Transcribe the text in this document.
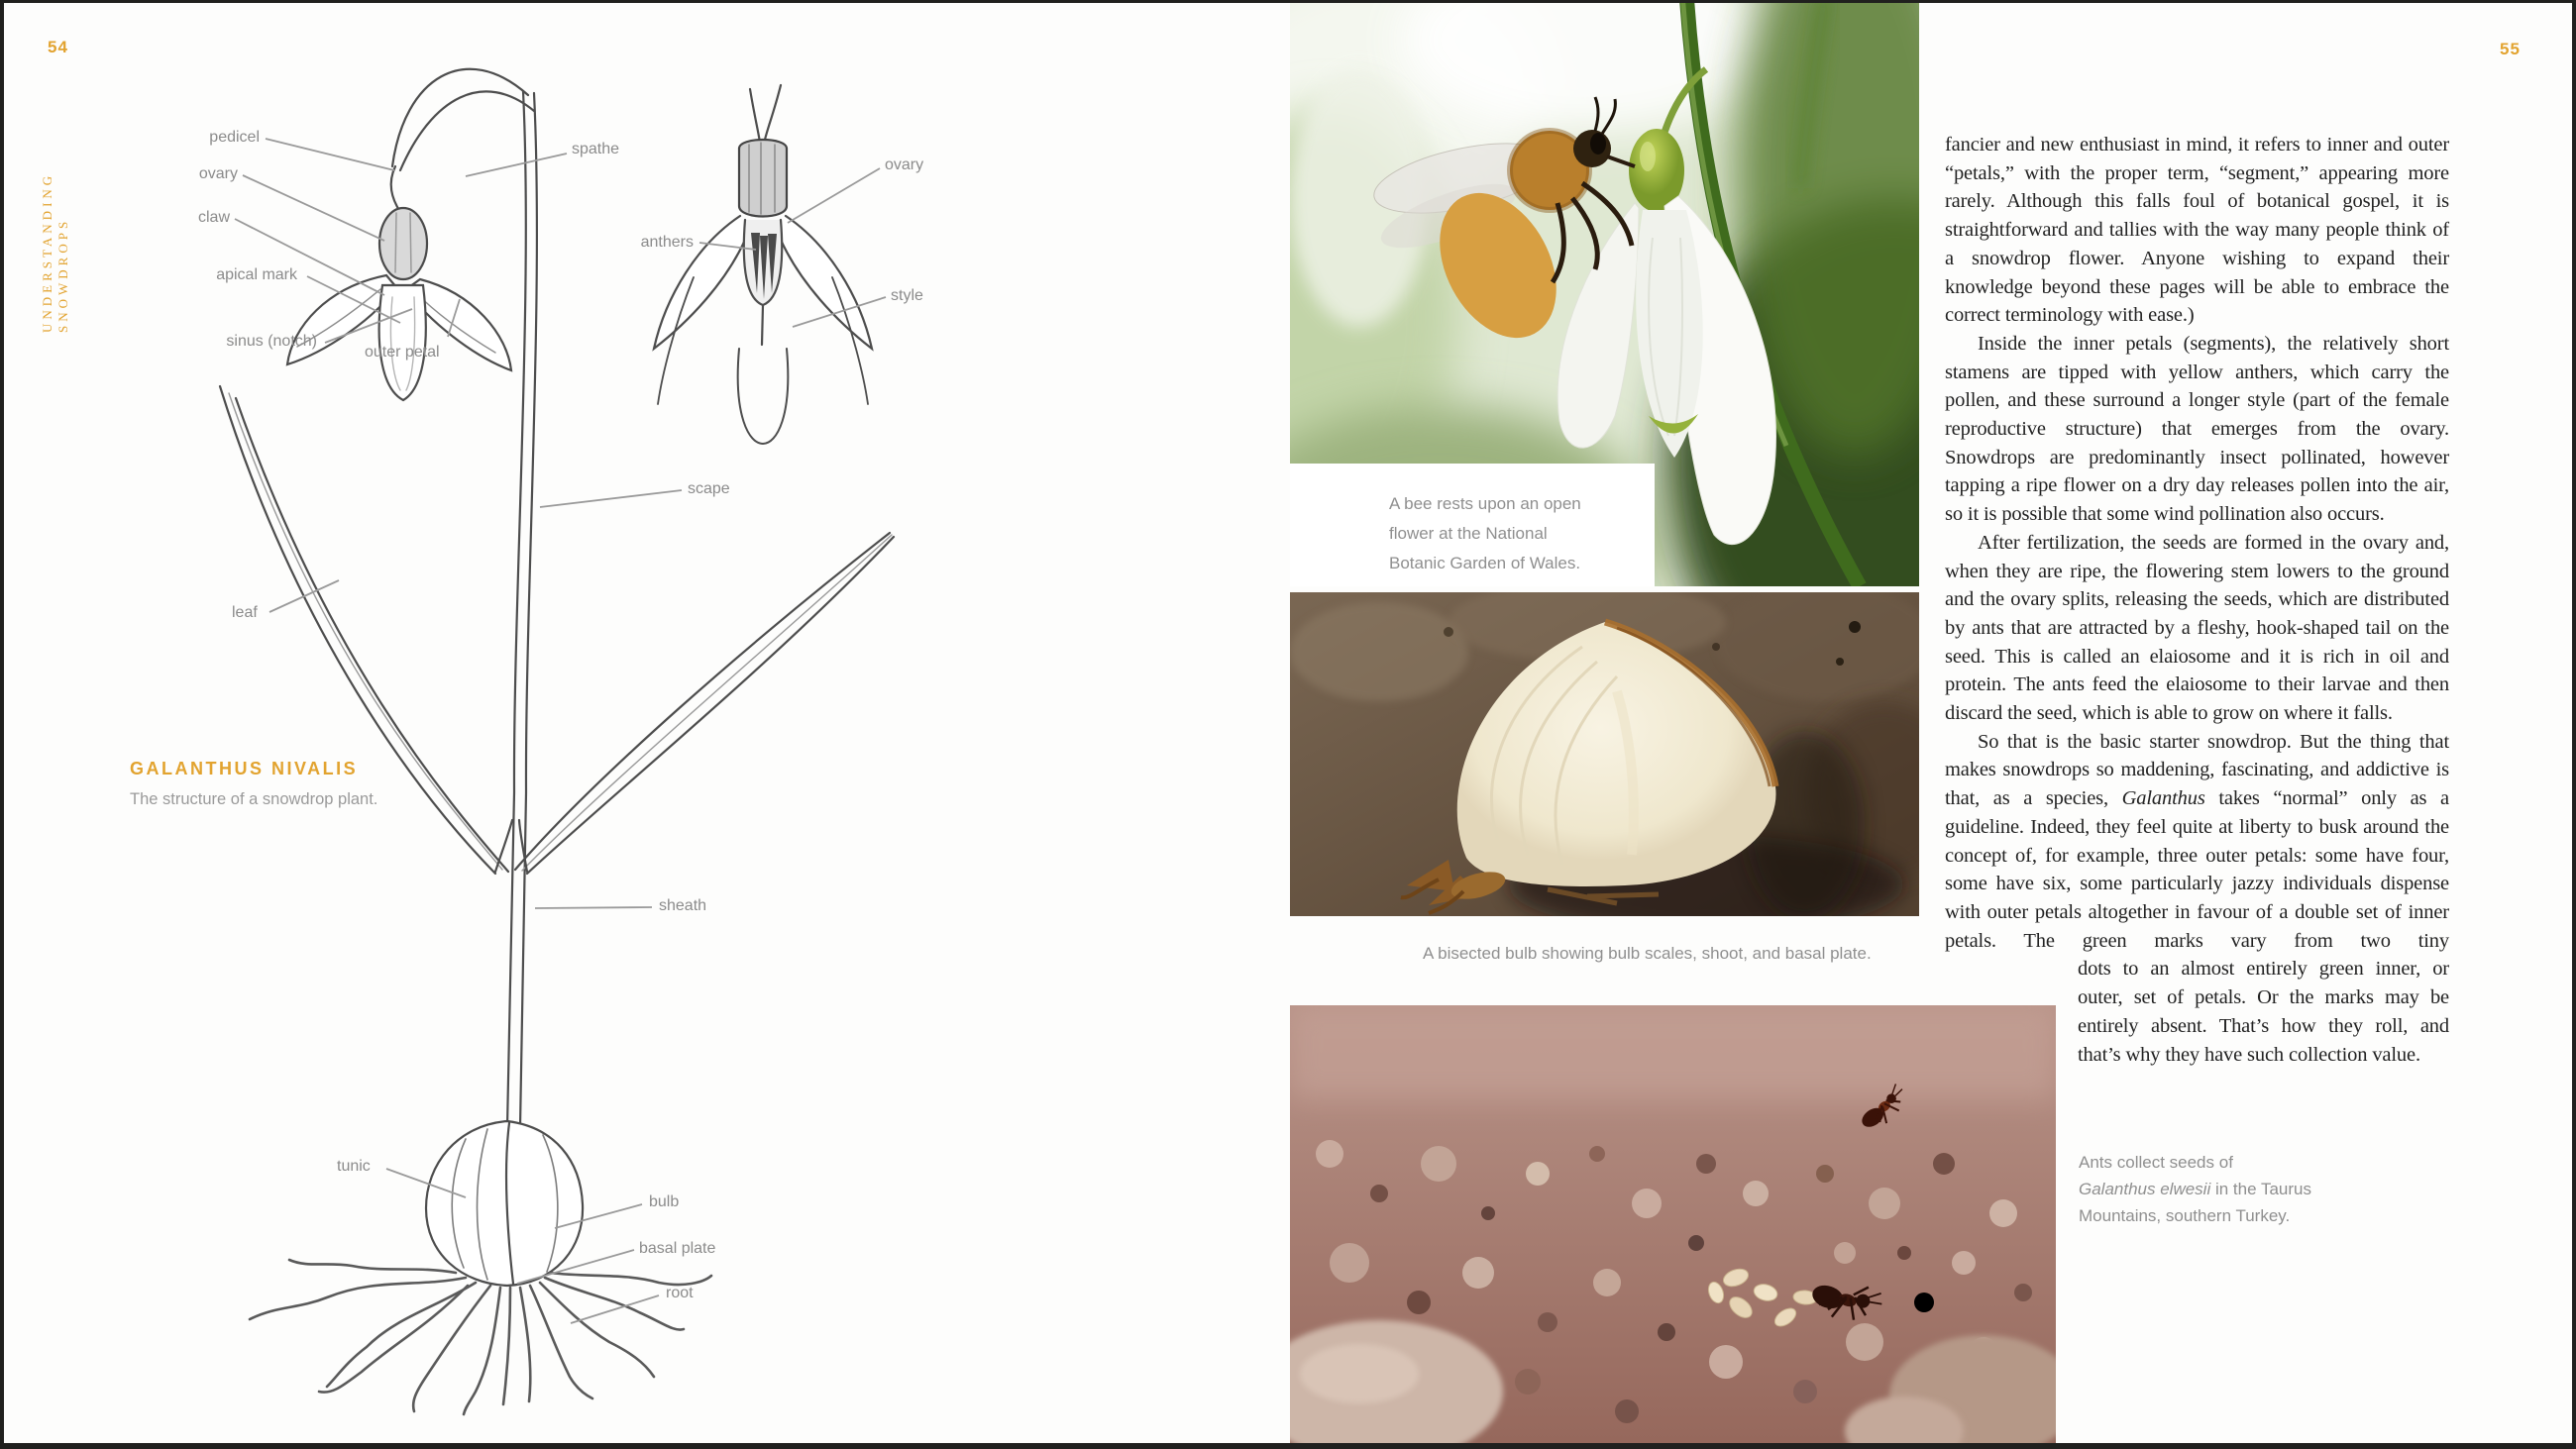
54
UNDERSTANDING SNOWDROPS
pedicel
ovary
claw
apical mark
sinus (notch)
outer petal
spathe
ovary
anthers
style
scape
leaf
sheath
tunic
bulb
basal plate
root
GALANTHUS NIVALIS
The structure of a snowdrop plant.
55
A bee rests upon an open
flower at the National
Botanic Garden of Wales.
A bisected bulb showing bulb scales, shoot, and basal plate.
Ants collect seeds of
Galanthus elwesii in the Taurus
Mountains, southern Turkey.

fancier and new enthusiast in mind, it refers to inner and outer “petals,” with the proper term, “segment,” appearing more rarely. Although this falls foul of botanical gospel, it is straightforward and tallies with the way many people think of a snowdrop flower. Anyone wishing to expand their knowledge beyond these pages will be able to embrace the correct terminology with ease.)

Inside the inner petals (segments), the relatively short stamens are tipped with yellow anthers, which carry the pollen, and these surround a longer style (part of the female reproductive structure) that emerges from the ovary. Snowdrops are predominantly insect pollinated, however tapping a ripe flower on a dry day releases pollen into the air, so it is possible that some wind pollination also occurs.

After fertilization, the seeds are formed in the ovary and, when they are ripe, the flowering stem lowers to the ground and the ovary splits, releasing the seeds, which are distributed by ants that are attracted by a fleshy, hook-shaped tail on the seed. This is called an elaiosome and it is rich in oil and protein. The ants feed the elaiosome to their larvae and then discard the seed, which is able to grow on where it falls.

So that is the basic starter snowdrop. But the thing that makes snowdrops so maddening, fascinating, and addictive is that, as a species, Galanthus takes “normal” only as a guideline. Indeed, they feel quite at liberty to busk around the concept of, for example, three outer petals: some have four, some have six, some particularly jazzy individuals dispense with outer petals altogether in favour of a double set of inner petals. The green marks vary from two tiny

dots to an almost entirely green inner, or outer, set of petals. Or the marks may be entirely absent. That’s how they roll, and that’s why they have such collection value.
